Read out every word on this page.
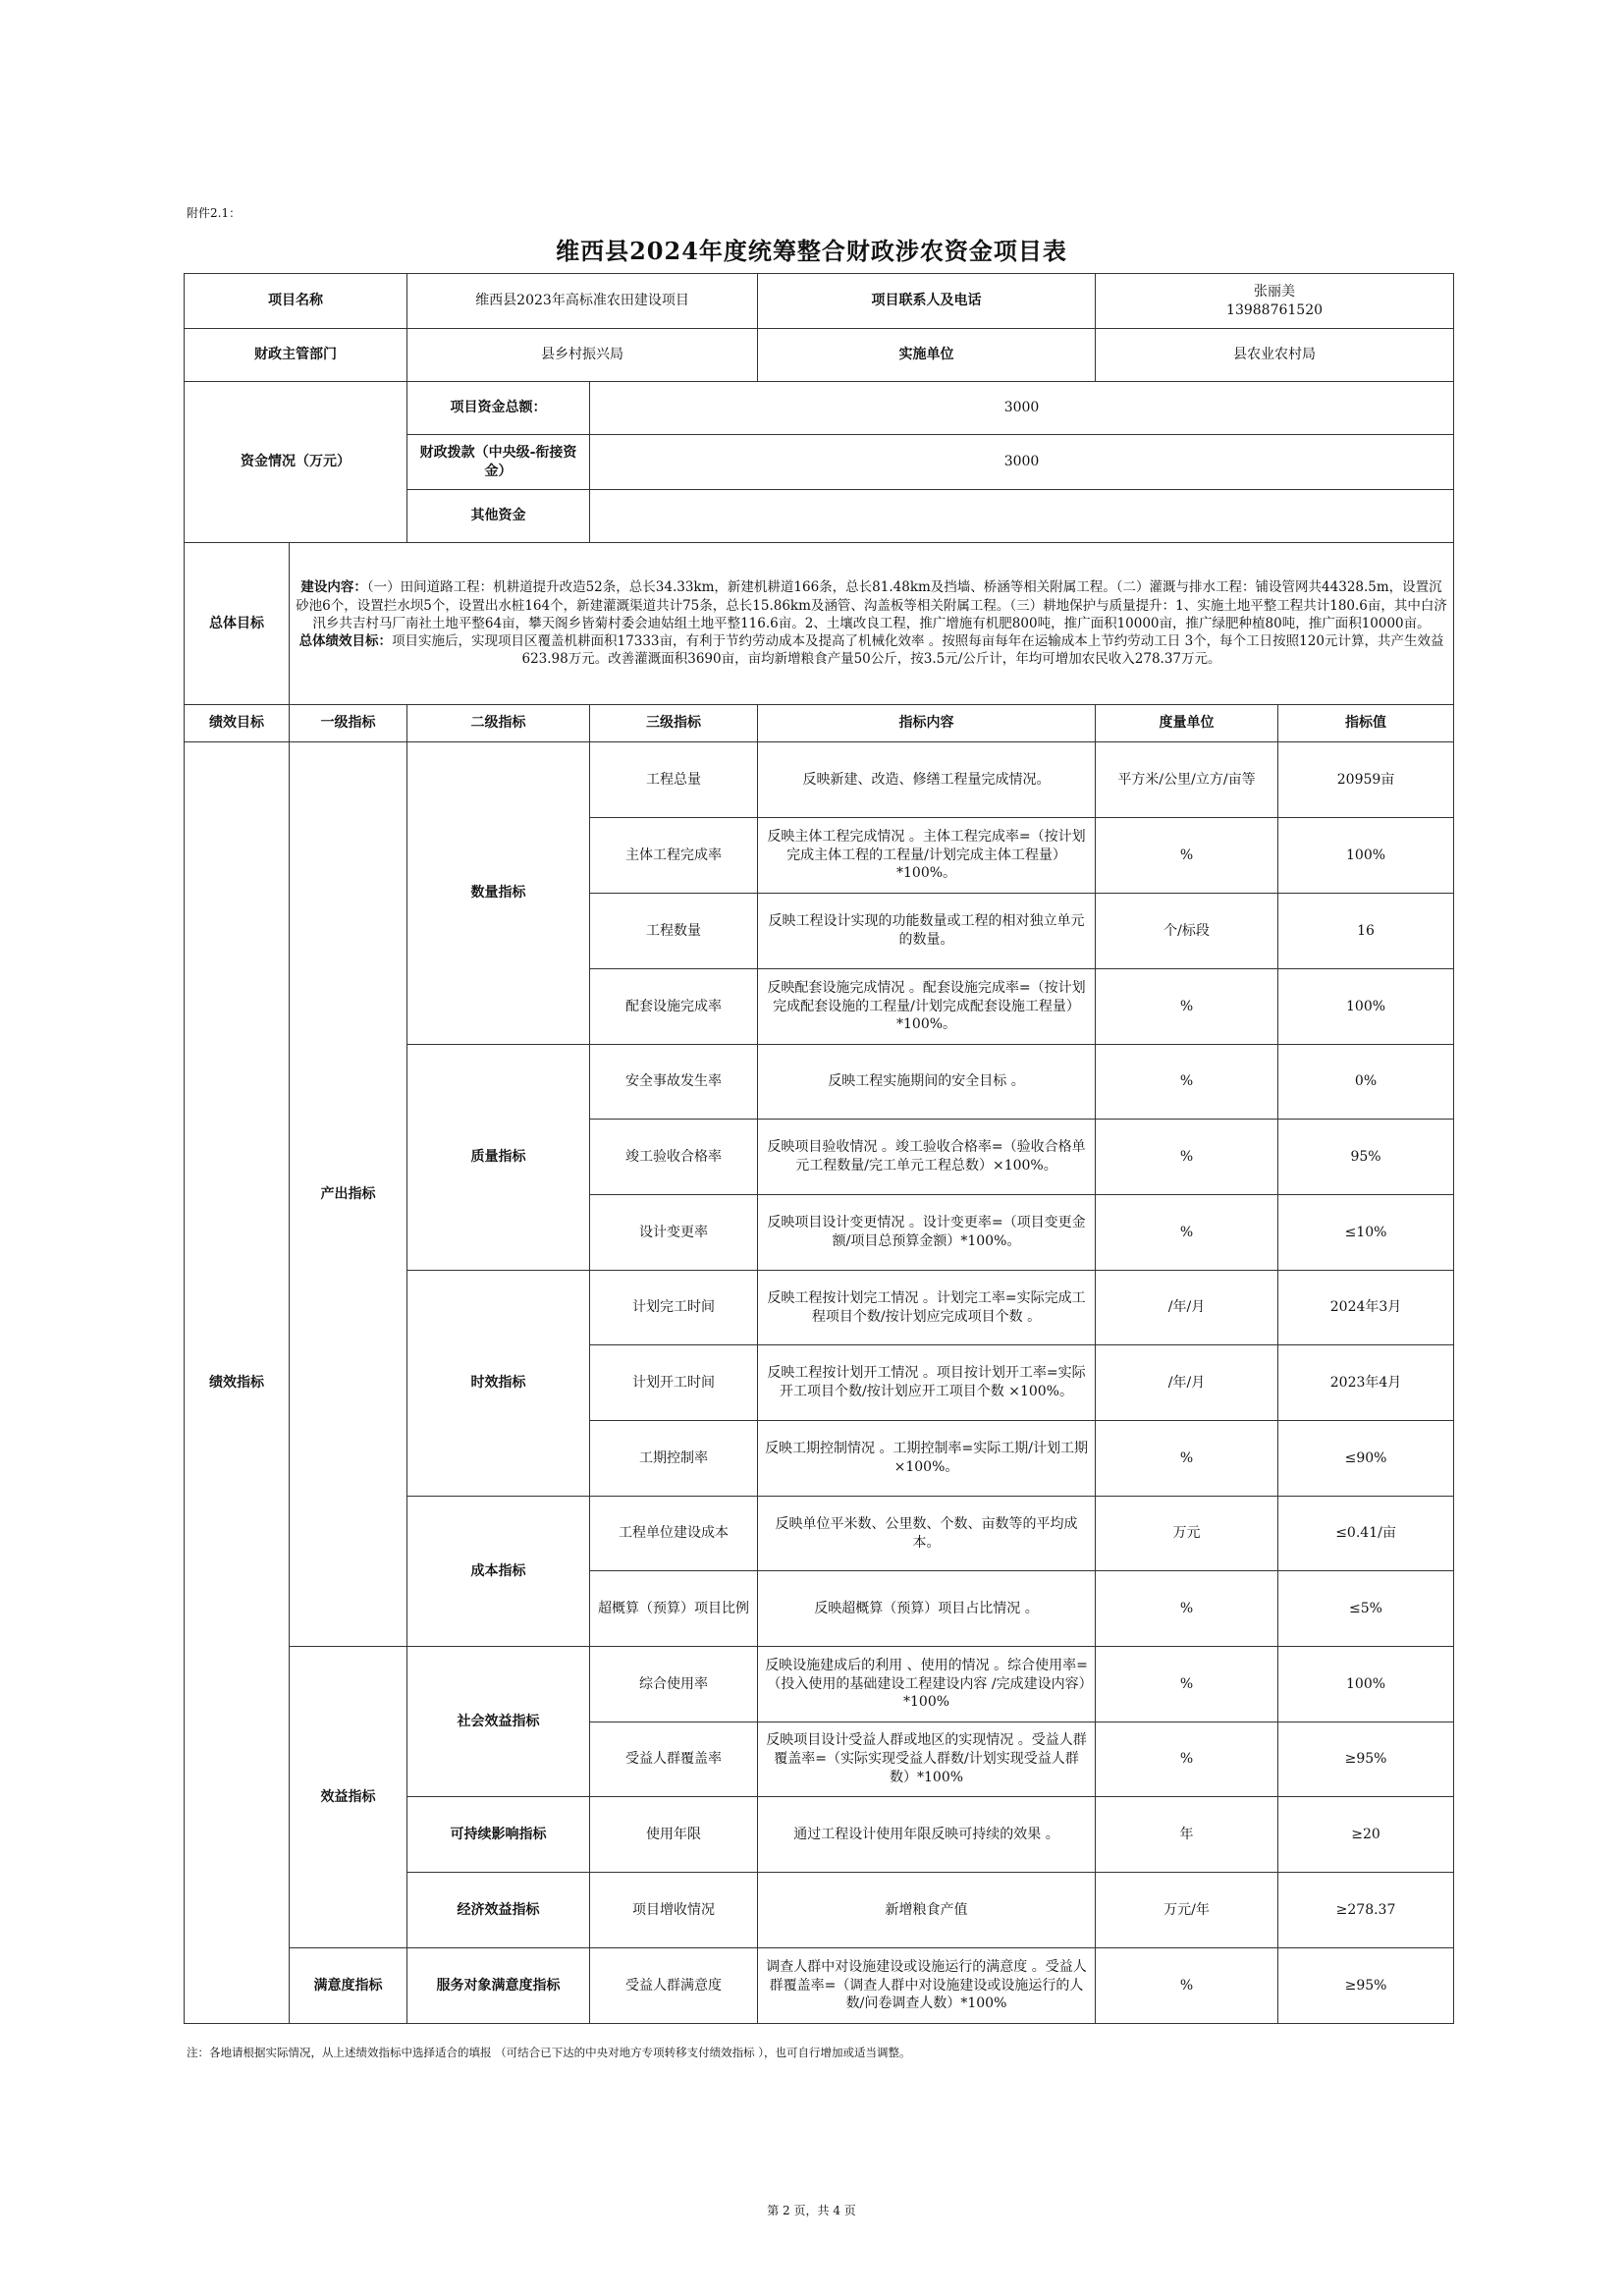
附件2.1：
维西县2024年度统筹整合财政涉农资金项目表
项目名称		维西县2023年高标准农田建设项目		项目联系人及电话	张丽美
13988761520	

财政主管部门		县乡村振兴局		实施单位	县农业农村局	
资金情况（万元）		项目资金总额：	3000			
		财政拨款（中央级-衔接资金）	3000			
		其他资金				
总体目标	建设内容：（一）田间道路工程：机耕道提升改造52条，总长34.33km，新建机耕道166条，总长81.48km及挡墙、桥涵等相关附属工程。（二）灌溉与排水工程：铺设管网共44328.5m，设置沉砂池6个，设置拦水坝5个，设置出水桩164个，新建灌溉渠道共计75条，总长15.86km及涵管、沟盖板等相关附属工程。（三）耕地保护与质量提升：1、实施土地平整工程共计180.6亩，其中白济汛乡共吉村马厂南社土地平整64亩，攀天阁乡皆菊村委会迪姑组土地平整116.6亩。2、土壤改良工程，推广增施有机肥800吨，推广面积10000亩，推广绿肥种植80吨，推广面积10000亩。
总体绩效目标：项目实施后，实现项目区覆盖机耕面积17333亩，有利于节约劳动成本及提高了机械化效率 。按照每亩每年在运输成本上节约劳动工日 3个，每个工日按照120元计算，共产生效益623.98万元。改善灌溉面积3690亩，亩均新增粮食产量50公斤，按3.5元/公斤计，年均可增加农民收入278.37万元。					
绩效目标	一级指标	二级指标	三级指标	指标内容	度量单位	指标值
绩效指标	产出指标	数量指标	工程总量	反映新建、改造、修缮工程量完成情况。	平方米/公里/立方/亩等	20959亩
			主体工程完成率	反映主体工程完成情况 。主体工程完成率=（按计划完成主体工程的工程量/计划完成主体工程量）*100%。	%	100%
			工程数量	反映工程设计实现的功能数量或工程的相对独立单元的数量。	个/标段	16
			配套设施完成率	反映配套设施完成情况 。配套设施完成率=（按计划完成配套设施的工程量/计划完成配套设施工程量）*100%。	%	100%
		质量指标	安全事故发生率	反映工程实施期间的安全目标 。	%	0%
			竣工验收合格率	反映项目验收情况 。竣工验收合格率=（验收合格单元工程数量/完工单元工程总数）×100%。	%	95%
			设计变更率	反映项目设计变更情况 。设计变更率=（项目变更金额/项目总预算金额）*100%。	%	≤10%
		时效指标	计划完工时间	反映工程按计划完工情况 。计划完工率=实际完成工程项目个数/按计划应完成项目个数 。	/年/月	2024年3月
			计划开工时间	反映工程按计划开工情况 。项目按计划开工率=实际开工项目个数/按计划应开工项目个数 ×100%。	/年/月	2023年4月
			工期控制率	反映工期控制情况 。工期控制率=实际工期/计划工期×100%。	%	≤90%
		成本指标	工程单位建设成本	反映单位平米数、公里数、个数、亩数等的平均成本。	万元	≤0.41/亩
			超概算（预算）项目比例	反映超概算（预算）项目占比情况 。	%	≤5%
	效益指标	社会效益指标	综合使用率	反映设施建成后的利用 、使用的情况 。综合使用率=（投入使用的基础建设工程建设内容 /完成建设内容）*100%	%	100%
			受益人群覆盖率	反映项目设计受益人群或地区的实现情况 。受益人群覆盖率=（实际实现受益人群数/计划实现受益人群数）*100%	%	≥95%
		可持续影响指标	使用年限	通过工程设计使用年限反映可持续的效果 。	年	≥20
		经济效益指标	项目增收情况	新增粮食产值	万元/年	≥278.37
	满意度指标	服务对象满意度指标	受益人群满意度	调查人群中对设施建设或设施运行的满意度 。受益人群覆盖率=（调查人群中对设施建设或设施运行的人数/问卷调查人数）*100%	%	≥95%
注：各地请根据实际情况，从上述绩效指标中选择适合的填报 （可结合已下达的中央对地方专项转移支付绩效指标 ），也可自行增加或适当调整。
第 2 页，共 4 页
